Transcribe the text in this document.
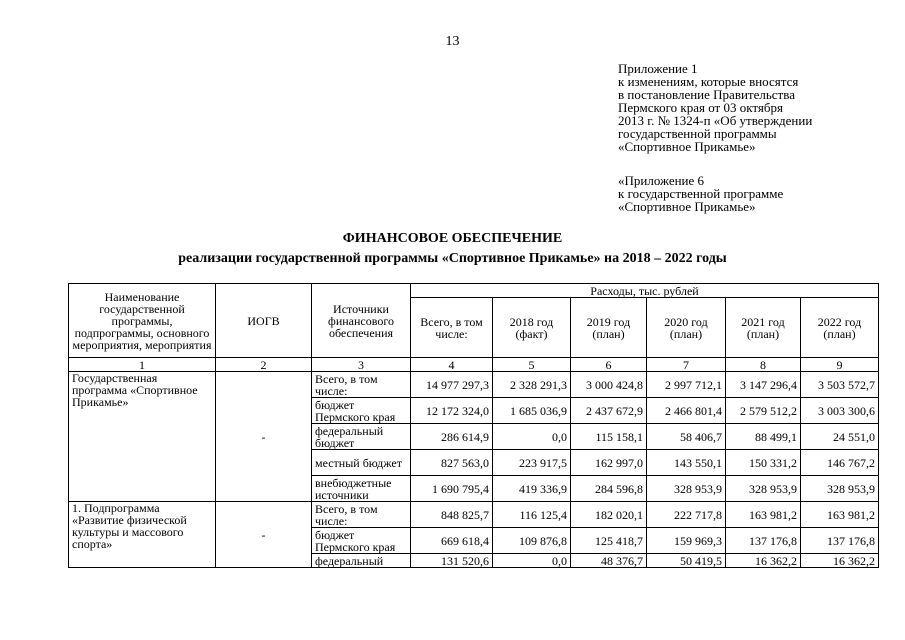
13
Приложение 1
к изменениям, которые вносятся
в постановление Правительства
Пермского края от 03 октября
2013 г. № 1324-п «Об утверждении
государственной программы
«Спортивное Прикамье»
«Приложение 6
к государственной программе
«Спортивное Прикамье»
ФИНАНСОВОЕ ОБЕСПЕЧЕНИЕ
реализации государственной программы «Спортивное Прикамье» на 2018 – 2022 годы
Наименование государственной программы, подпрограммы, основного мероприятия, мероприятия	ИОГВ	Источники финансового обеспечения	Расходы, тыс. рублей					
			Всего, в том числе:	2018 год (факт)	2019 год (план)	2020 год (план)	2021 год (план)	2022 год (план)
1	2	3	4	5	6	7	8	9
Государственная программа «Спортивное Прикамье»	-	Всего, в том числе:	14 977 297,3	2 328 291,3	3 000 424,8	2 997 712,1	3 147 296,4	3 503 572,7
		бюджет Пермского края	12 172 324,0	1 685 036,9	2 437 672,9	2 466 801,4	2 579 512,2	3 003 300,6
		федеральный бюджет	286 614,9	0,0	115 158,1	58 406,7	88 499,1	24 551,0
		местный бюджет	827 563,0	223 917,5	162 997,0	143 550,1	150 331,2	146 767,2
		внебюджетные источники	1 690 795,4	419 336,9	284 596,8	328 953,9	328 953,9	328 953,9
1. Подпрограмма «Развитие физической культуры и массового спорта»	-	Всего, в том числе:	848 825,7	116 125,4	182 020,1	222 717,8	163 981,2	163 981,2
		бюджет Пермского края	669 618,4	109 876,8	125 418,7	159 969,3	137 176,8	137 176,8
		федеральный	131 520,6	0,0	48 376,7	50 419,5	16 362,2	16 362,2
